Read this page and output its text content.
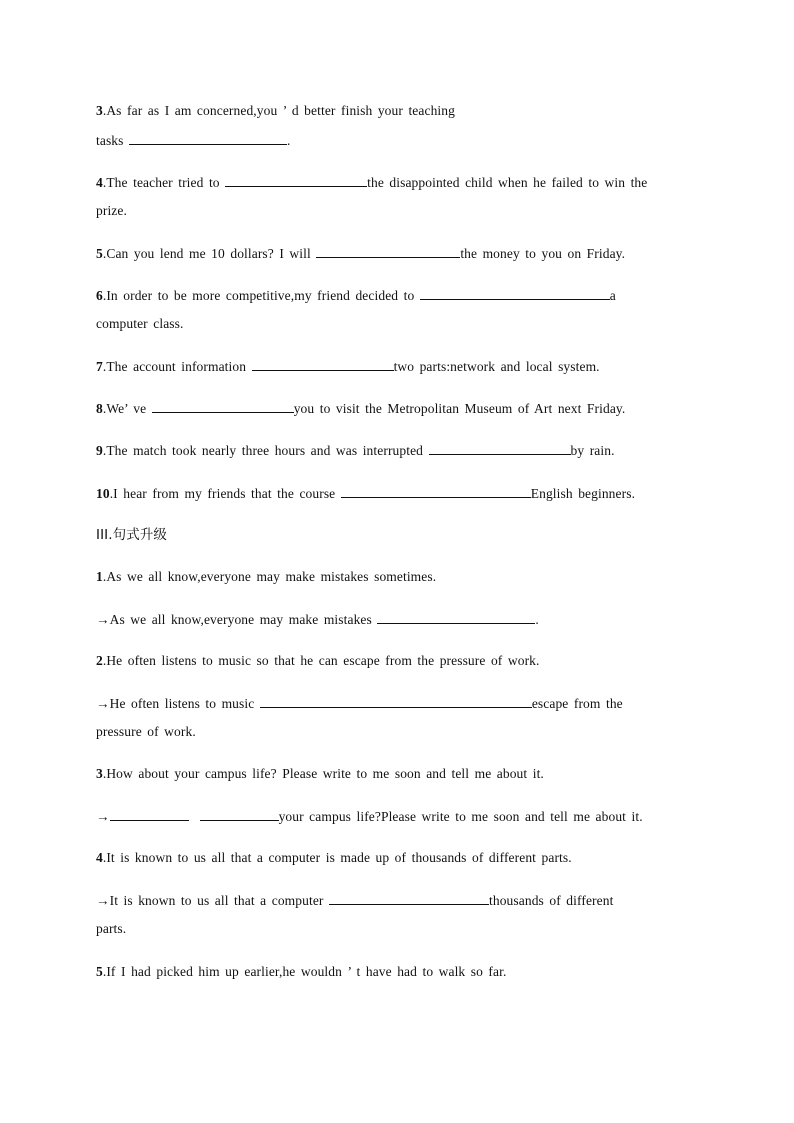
3.As far as I am concerned,you ’ d better finish your teaching
tasks	.
4.The teacher tried to	the disappointed child when he failed to win the
prize.
5.Can you lend me 10 dollars? I will	the money to you on Friday.
6.In order to be more competitive,my friend decided to	a
computer class.
7.The account information	two parts:network and local system.
8.We’ ve	you to visit the Metropolitan Museum of Art next Friday.
9.The match took nearly three hours and was interrupted	by rain.
10.I hear from my friends that the course	English beginners.
III.句式升级
1.As we all know,everyone may make mistakes sometimes.
→As we all know,everyone may make mistakes	.
2.He often listens to music so that he can escape from the pressure of work.
→He often listens to music	escape from the
pressure of work.
3.How about your campus life? Please write to me soon and tell me about it.
→	your campus life?Please write to me soon and tell me about it.
4.It is known to us all that a computer is made up of thousands of different parts.
→It is known to us all that a computer	thousands of different
parts.
5.If I had picked him up earlier,he wouldn ’ t have had to walk so far.
